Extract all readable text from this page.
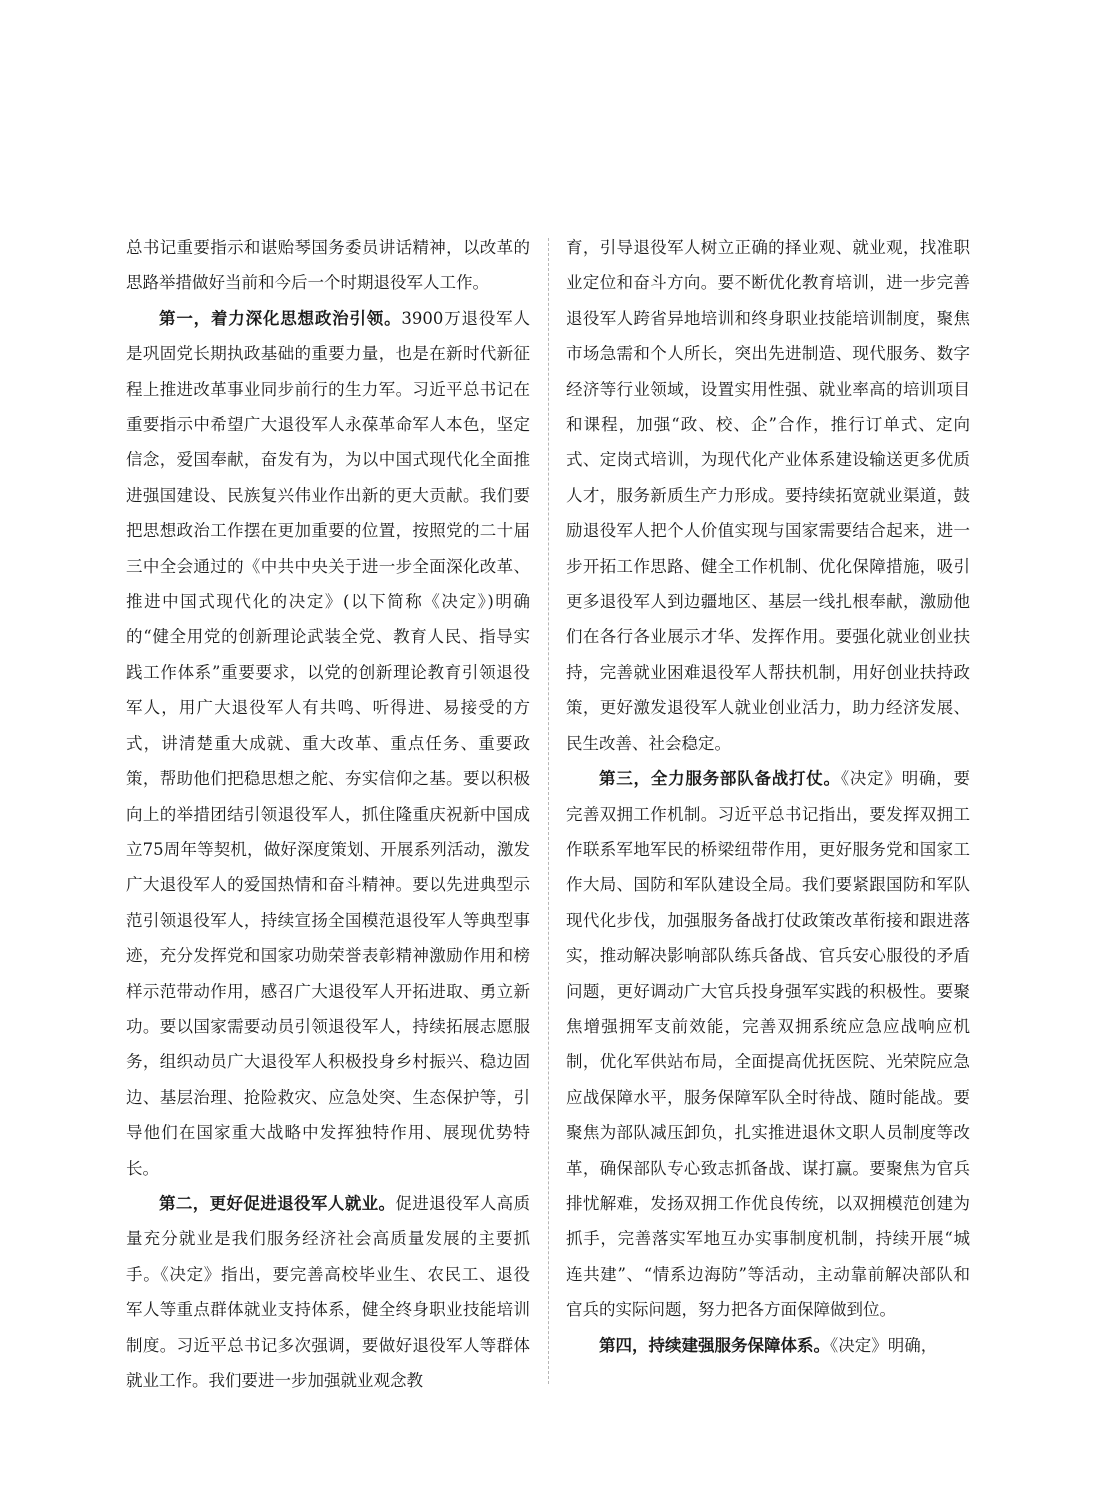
总书记重要指示和谌贻琴国务委员讲话精神，以改革的思路举措做好当前和今后一个时期退役军人工作。

第一，着力深化思想政治引领。3900万退役军人是巩固党长期执政基础的重要力量，也是在新时代新征程上推进改革事业同步前行的生力军。习近平总书记在重要指示中希望广大退役军人永葆革命军人本色，坚定信念，爱国奉献，奋发有为，为以中国式现代化全面推进强国建设、民族复兴伟业作出新的更大贡献。我们要把思想政治工作摆在更加重要的位置，按照党的二十届三中全会通过的《中共中央关于进一步全面深化改革、推进中国式现代化的决定》(以下简称《决定》)明确的“健全用党的创新理论武装全党、教育人民、指导实践工作体系”重要要求，以党的创新理论教育引领退役军人，用广大退役军人有共鸣、听得进、易接受的方式，讲清楚重大成就、重大改革、重点任务、重要政策，帮助他们把稳思想之舵、夯实信仰之基。要以积极向上的举措团结引领退役军人，抓住隆重庆祝新中国成立75周年等契机，做好深度策划、开展系列活动，激发广大退役军人的爱国热情和奋斗精神。要以先进典型示范引领退役军人，持续宣扬全国模范退役军人等典型事迹，充分发挥党和国家功勋荣誉表彰精神激励作用和榜样示范带动作用，感召广大退役军人开拓进取、勇立新功。要以国家需要动员引领退役军人，持续拓展志愿服务，组织动员广大退役军人积极投身乡村振兴、稳边固边、基层治理、抢险救灾、应急处突、生态保护等，引导他们在国家重大战略中发挥独特作用、展现优势特长。

第二，更好促进退役军人就业。促进退役军人高质量充分就业是我们服务经济社会高质量发展的主要抓手。《决定》指出，要完善高校毕业生、农民工、退役军人等重点群体就业支持体系，健全终身职业技能培训制度。习近平总书记多次强调，要做好退役军人等群体就业工作。我们要进一步加强就业观念教

育，引导退役军人树立正确的择业观、就业观，找准职业定位和奋斗方向。要不断优化教育培训，进一步完善退役军人跨省异地培训和终身职业技能培训制度，聚焦市场急需和个人所长，突出先进制造、现代服务、数字经济等行业领域，设置实用性强、就业率高的培训项目和课程，加强“政、校、企”合作，推行订单式、定向式、定岗式培训，为现代化产业体系建设输送更多优质人才，服务新质生产力形成。要持续拓宽就业渠道，鼓励退役军人把个人价值实现与国家需要结合起来，进一步开拓工作思路、健全工作机制、优化保障措施，吸引更多退役军人到边疆地区、基层一线扎根奉献，激励他们在各行各业展示才华、发挥作用。要强化就业创业扶持，完善就业困难退役军人帮扶机制，用好创业扶持政策，更好激发退役军人就业创业活力，助力经济发展、民生改善、社会稳定。

第三，全力服务部队备战打仗。《决定》明确，要完善双拥工作机制。习近平总书记指出，要发挥双拥工作联系军地军民的桥梁纽带作用，更好服务党和国家工作大局、国防和军队建设全局。我们要紧跟国防和军队现代化步伐，加强服务备战打仗政策改革衔接和跟进落实，推动解决影响部队练兵备战、官兵安心服役的矛盾问题，更好调动广大官兵投身强军实践的积极性。要聚焦增强拥军支前效能，完善双拥系统应急应战响应机制，优化军供站布局，全面提高优抚医院、光荣院应急应战保障水平，服务保障军队全时待战、随时能战。要聚焦为部队减压卸负，扎实推进退休文职人员制度等改革，确保部队专心致志抓备战、谋打赢。要聚焦为官兵排忧解难，发扬双拥工作优良传统，以双拥模范创建为抓手，完善落实军地互办实事制度机制，持续开展“城连共建”、“情系边海防”等活动，主动靠前解决部队和官兵的实际问题，努力把各方面保障做到位。

第四，持续建强服务保障体系。《决定》明确，
